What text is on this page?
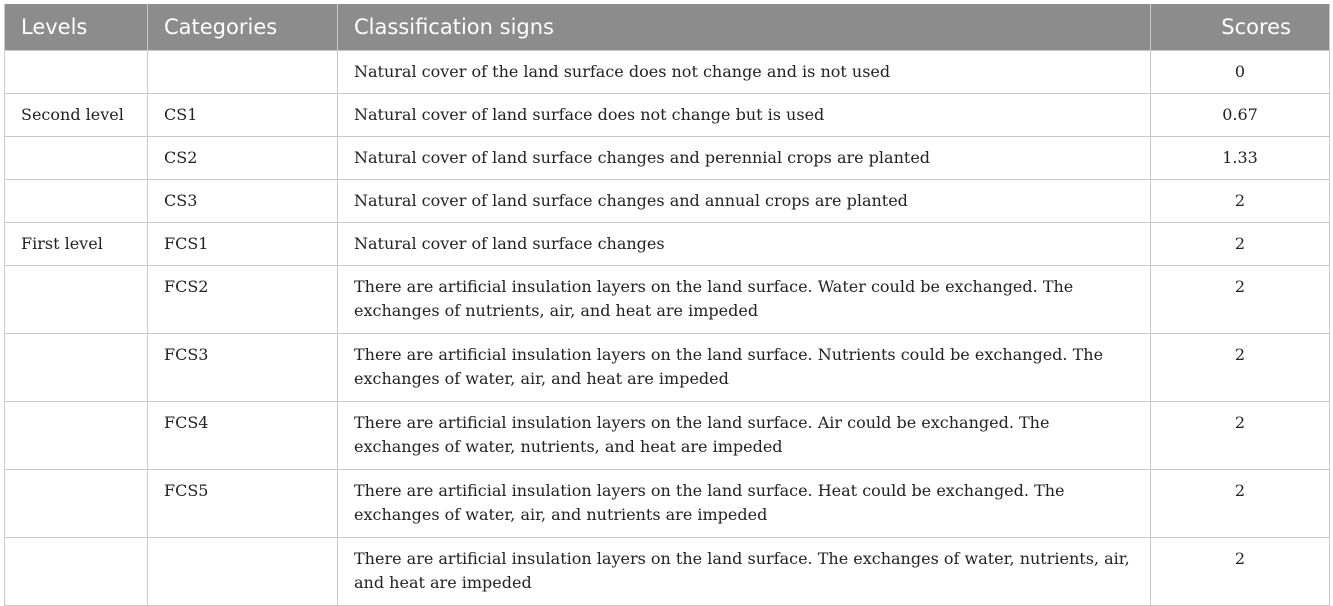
Levels	Categories	Classification signs	Scores
		Natural cover of the land surface does not change and is not used	0
Second level	CS1	Natural cover of land surface does not change but is used	0.67
	CS2	Natural cover of land surface changes and perennial crops are planted	1.33
	CS3	Natural cover of land surface changes and annual crops are planted	2
First level	FCS1	Natural cover of land surface changes	2
	FCS2	There are artificial insulation layers on the land surface. Water could be exchanged. The exchanges of nutrients, air, and heat are impeded	2
	FCS3	There are artificial insulation layers on the land surface. Nutrients could be exchanged. The exchanges of water, air, and heat are impeded	2
	FCS4	There are artificial insulation layers on the land surface. Air could be exchanged. The exchanges of water, nutrients, and heat are impeded	2
	FCS5	There are artificial insulation layers on the land surface. Heat could be exchanged. The exchanges of water, air, and nutrients are impeded	2
		There are artificial insulation layers on the land surface. The exchanges of water, nutrients, air, and heat are impeded	2
